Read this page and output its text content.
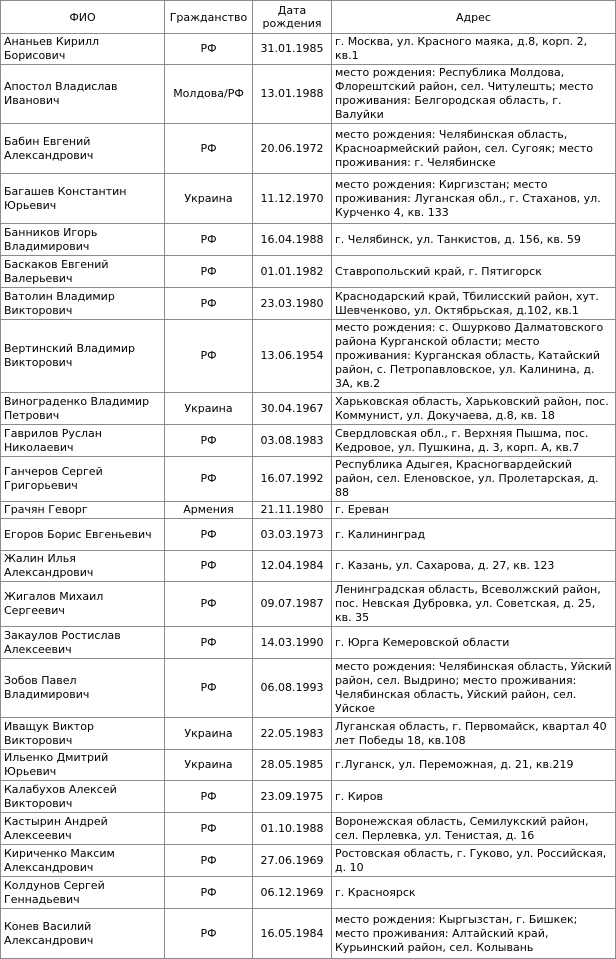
ФИО	Гражданство	Дата рождения	Адрес
Ананьев Кирилл Борисович	РФ	31.01.1985	г. Москва, ул. Красного маяка, д.8, корп. 2, кв.1
Апостол Владислав Иванович	Молдова/РФ	13.01.1988	место рождения: Республика Молдова, Флорештский район, сел. Читулешть; место проживания: Белгородская область, г. Валуйки
Бабин Евгений Александрович	РФ	20.06.1972	место рождения: Челябинская область, Красноармейский район, сел. Сугояк; место проживания: г. Челябинске
Багашев Константин Юрьевич	Украина	11.12.1970	место рождения: Киргизстан; место проживания: Луганская обл., г. Стаханов, ул. Курченко 4, кв. 133
Банников Игорь Владимирович	РФ	16.04.1988	г. Челябинск, ул. Танкистов, д. 156, кв. 59
Баскаков Евгений Валерьевич	РФ	01.01.1982	Ставропольский край, г. Пятигорск
Ватолин Владимир Викторович	РФ	23.03.1980	Краснодарский край, Тбилисский район, хут. Шевченково, ул. Октябрьская, д.102, кв.1
Вертинский Владимир Викторович	РФ	13.06.1954	место рождения: с. Ошурково Далматовского района Курганской области; место проживания: Курганская область, Катайский район, с. Петропавловское, ул. Калинина, д. 3А, кв.2
Винограденко Владимир Петрович	Украина	30.04.1967	Харьковская область, Харьковский район, пос. Коммунист, ул. Докучаева, д.8, кв. 18
Гаврилов Руслан Николаевич	РФ	03.08.1983	Свердловская обл., г. Верхняя Пышма, пос. Кедровое, ул. Пушкина, д. 3, корп. А, кв.7
Ганчеров Сергей Григорьевич	РФ	16.07.1992	Республика Адыгея, Красногвардейский район, сел. Еленовское, ул. Пролетарская, д. 88
Грачян Геворг	Армения	21.11.1980	г. Ереван
Егоров Борис Евгеньевич	РФ	03.03.1973	г. Калининград
Жалин Илья Александрович	РФ	12.04.1984	г. Казань, ул. Сахарова, д. 27, кв. 123
Жигалов Михаил Сергеевич	РФ	09.07.1987	Ленинградская область, Всеволжский район, пос. Невская Дубровка, ул. Советская, д. 25, кв. 35
Закаулов Ростислав Алексеевич	РФ	14.03.1990	г. Юрга Кемеровской области
Зобов Павел Владимирович	РФ	06.08.1993	место рождения: Челябинская область, Уйский район, сел. Выдрино; место проживания: Челябинская область, Уйский район, сел. Уйское
Иващук Виктор Викторович	Украина	22.05.1983	Луганская область, г. Первомайск, квартал 40 лет Победы 18, кв.108
Ильенко Дмитрий Юрьевич	Украина	28.05.1985	г.Луганск, ул. Переможная, д. 21, кв.219
Калабухов Алексей Викторович	РФ	23.09.1975	г. Киров
Кастырин Андрей Алексеевич	РФ	01.10.1988	Воронежская область, Семилукский район, сел. Перлевка, ул. Тенистая, д. 16
Кириченко Максим Александрович	РФ	27.06.1969	Ростовская область, г. Гуково, ул. Российская, д. 10
Колдунов Сергей Геннадьевич	РФ	06.12.1969	г. Красноярск
Конев Василий Александрович	РФ	16.05.1984	место рождения: Кыргызстан, г. Бишкек; место проживания: Алтайский край, Курьинский район, сел. Колывань
